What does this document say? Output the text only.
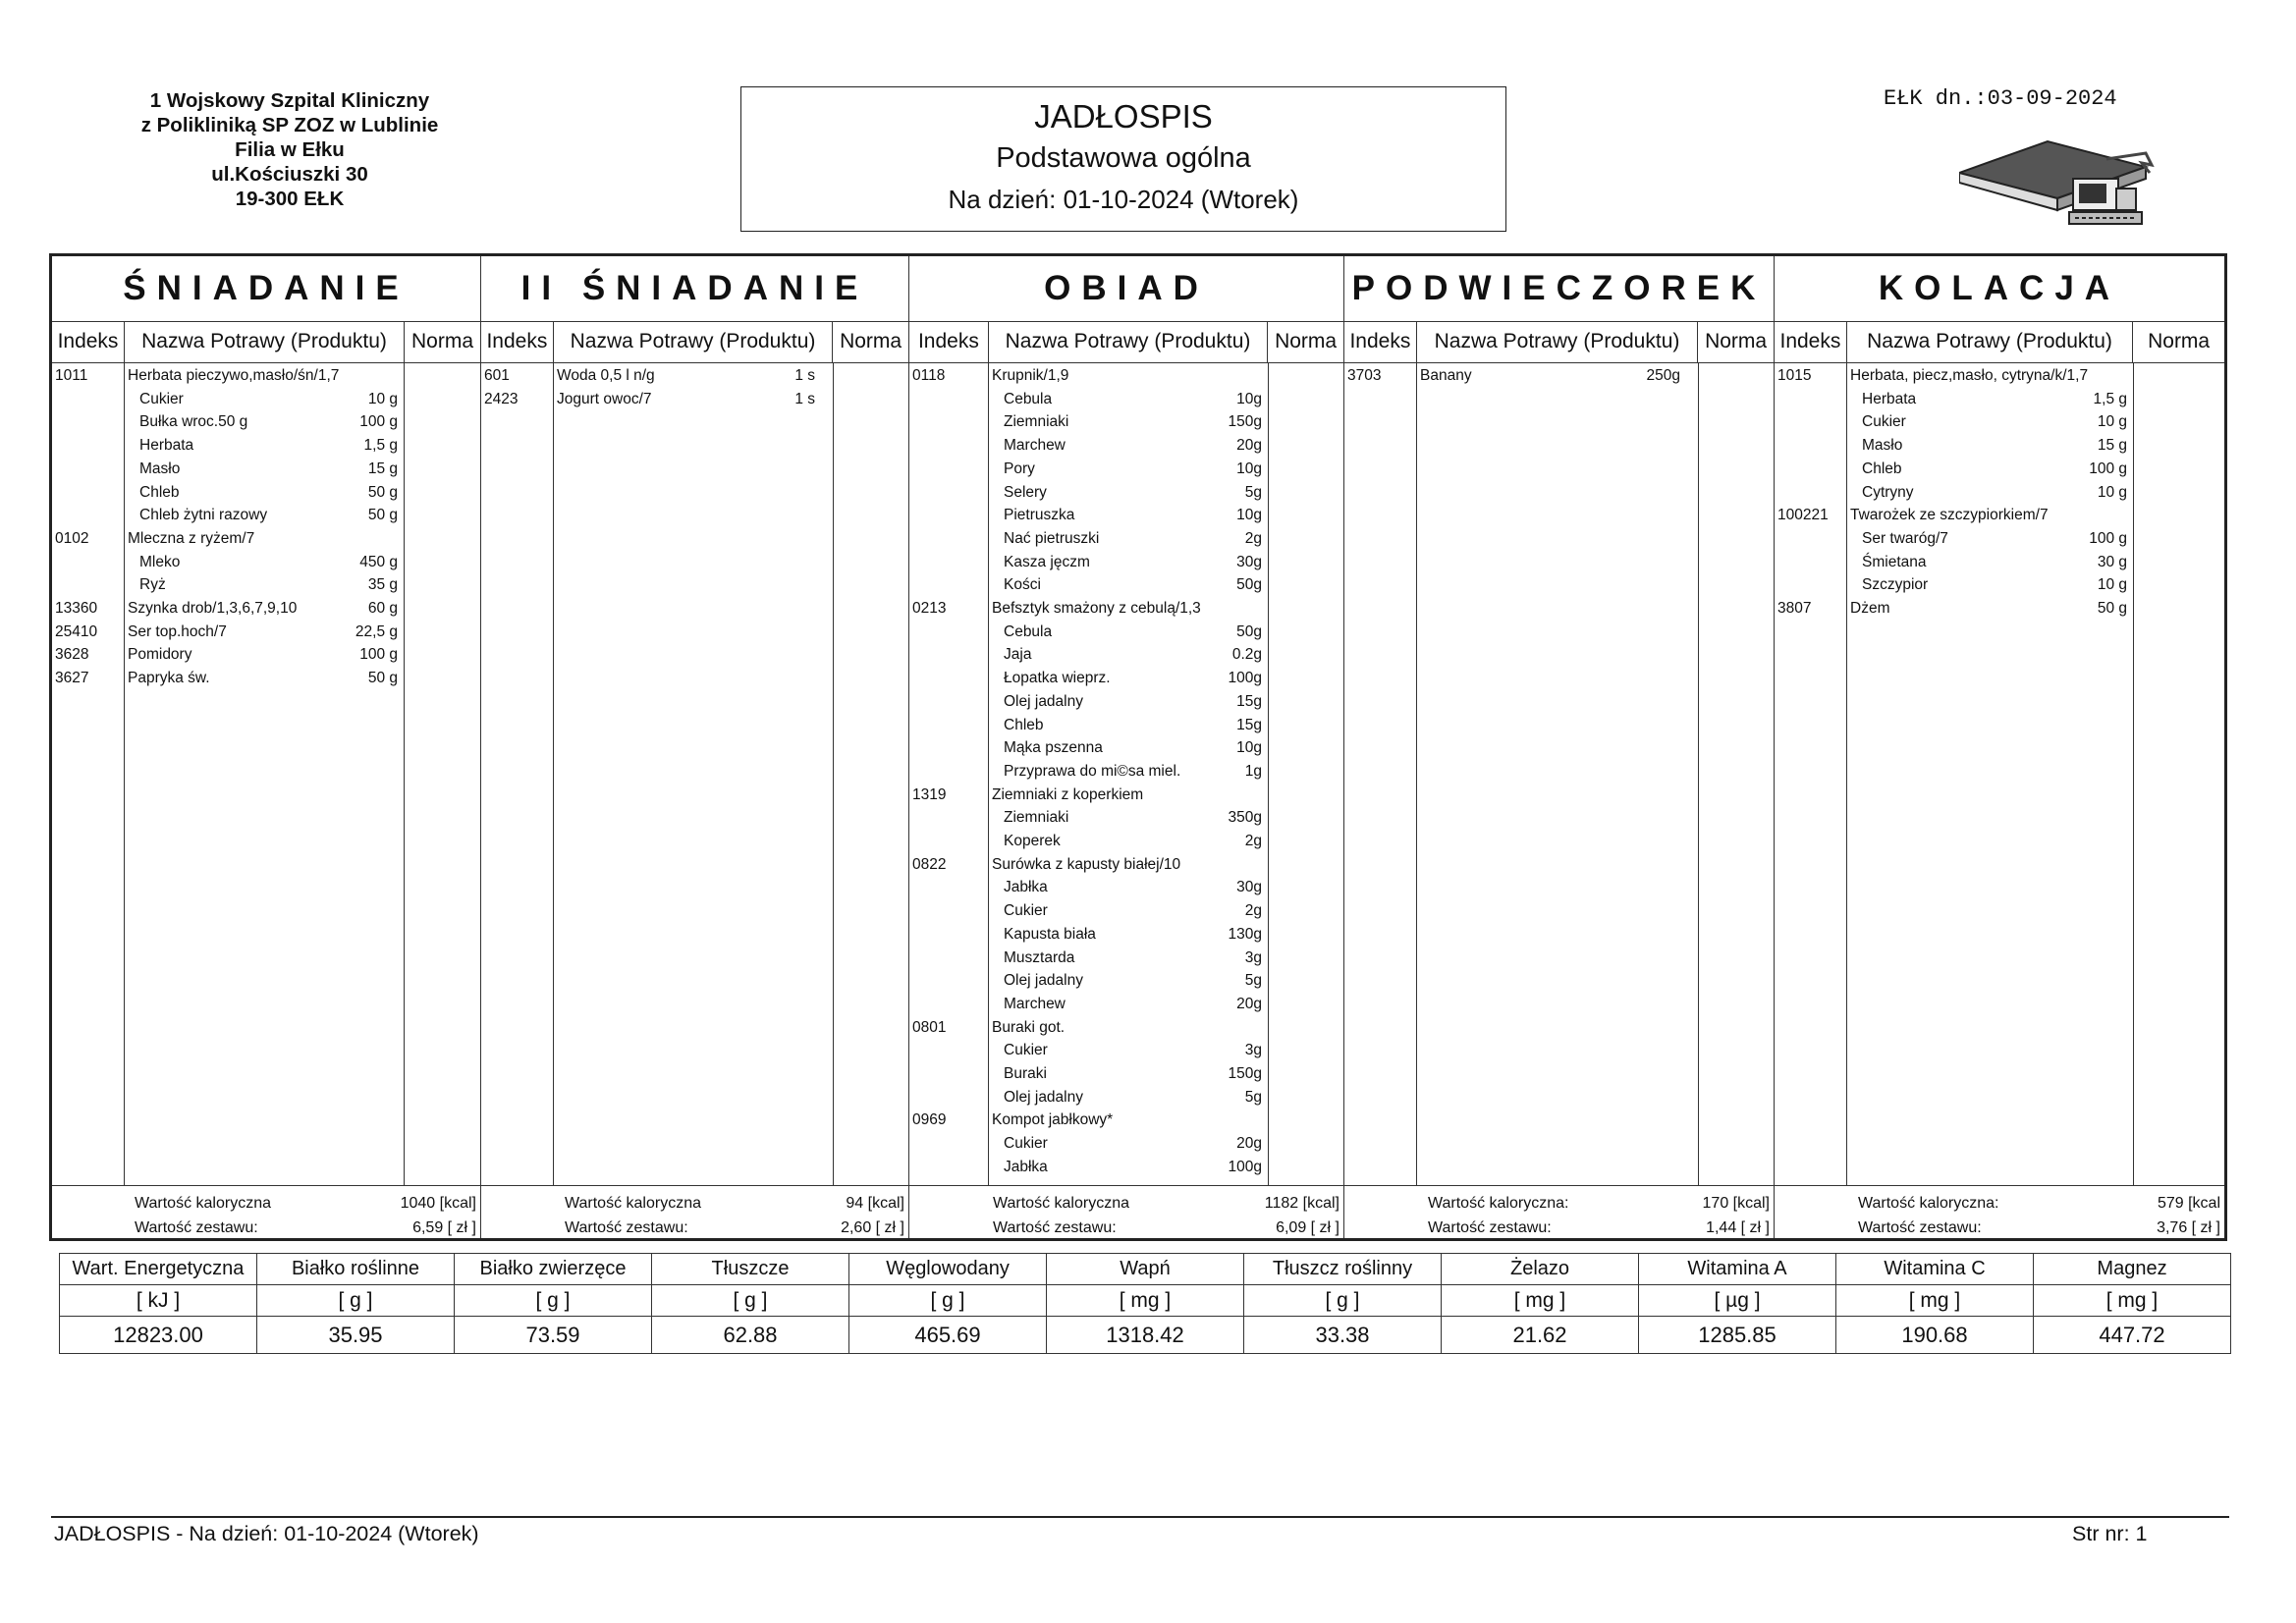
1 Wojskowy Szpital Kliniczny
z Polikliniką SP ZOZ w Lublinie
Filia w Ełku
ul.Kościuszki 30
19-300 EŁK
JADŁOSPIS
Podstawowa ogólna
Na dzień: 01-10-2024 (Wtorek)
EŁK dn.:03-09-2024
ŚNIADANIE
Indeks	Nazwa Potrawy (Produktu)	Norma
1011	Herbata pieczywo,masło/śn/1,7
Cukier	10 g
Bułka wroc.50 g	100 g
Herbata	1,5 g
Masło	15 g
Chleb	50 g
Chleb żytni razowy	50 g
0102	Mleczna z ryżem/7
Mleko	450 g
Ryż	35 g
13360 Szynka drob/1,3,6,7,9,10	60 g
25410 Ser top.hoch/7	22,5 g
3628	Pomidory	100 g
3627	Papryka św.	50 g
Wartość kaloryczna	1040 [kcal]
Wartość zestawu:	6,59 [ zł ]
II ŚNIADANIE
Indeks	Nazwa Potrawy (Produktu)	Norma
601	Woda 0,5 l n/g	1 s
2423	Jogurt owoc/7	1 s
Wartość kaloryczna	94 [kcal]
Wartość zestawu:	2,60 [ zł ]
OBIAD
Indeks	Nazwa Potrawy (Produktu)	Norma
0118	Krupnik/1,9
Cebula	10g
Ziemniaki	150g
Marchew	20g
Pory	10g
Selery	5g
Pietruszka	10g
Nać pietruszki	2g
Kasza jęczm	30g
Kości	50g
0213	Befsztyk smażony z cebulą/1,3
Cebula	50g
Jaja	0.2g
Łopatka wieprz.	100g
Olej jadalny	15g
Chleb	15g
Mąka pszenna	10g
Przyprawa do mi©sa miel.	1g
1319	Ziemniaki z koperkiem
Ziemniaki	350g
Koperek	2g
0822	Surówka z kapusty białej/10
Jabłka	30g
Cukier	2g
Kapusta biała	130g
Musztarda	3g
Olej jadalny	5g
Marchew	20g
0801	Buraki got.
Cukier	3g
Buraki	150g
Olej jadalny	5g
0969	Kompot jabłkowy*
Cukier	20g
Jabłka	100g
Wartość kaloryczna	1182 [kcal]
Wartość zestawu:	6,09 [ zł ]
PODWIECZOREK
Indeks	Nazwa Potrawy (Produktu)	Norma
3703	Banany	250g
Wartość kaloryczna:	170 [kcal]
Wartość zestawu:	1,44 [ zł ]
KOLACJA
Indeks	Nazwa Potrawy (Produktu)	Norma
1015	Herbata, piecz,masło, cytryna/k/1,7
Herbata	1,5 g
Cukier	10 g
Masło	15 g
Chleb	100 g
Cytryny	10 g
100221 Twarożek ze szczypiorkiem/7
Ser twaróg/7	100 g
Śmietana	30 g
Szczypior	10 g
3807	Dżem	50 g
Wartość kaloryczna:	579 [kcal
Wartość zestawu:	3,76 [ zł ]
Wart. Energetyczna	Białko roślinne	Białko zwierzęce	Tłuszcze	Węglowodany	Wapń	Tłuszcz roślinny	Żelazo	Witamina A	Witamina C	Magnez
[ kJ ]	[ g ]	[ g ]	[ g ]	[ g ]	[ mg ]	[ g ]	[ mg ]	[ µg ]	[ mg ]	[ mg ]
12823.00	35.95	73.59	62.88	465.69	1318.42	33.38	21.62	1285.85	190.68	447.72
JADŁOSPIS - Na dzień: 01-10-2024 (Wtorek)	Str nr: 1
